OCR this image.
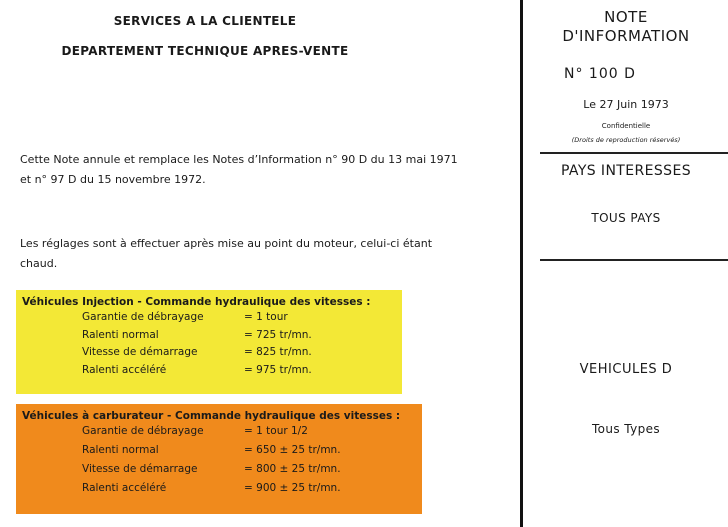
SERVICES A LA CLIENTELE
DEPARTEMENT TECHNIQUE APRES-VENTE
Cette Note annule et remplace les Notes d’Information n° 90 D du 13 mai 1971 et n° 97 D du 15 novembre 1972.
Les réglages sont à effectuer après mise au point du moteur, celui-ci étant chaud.
Véhicules Injection - Commande hydraulique des vitesses :
Garantie de débrayage	= 1 tour
Ralenti normal	= 725 tr/mn.
Vitesse de démarrage	= 825 tr/mn.
Ralenti accéléré	= 975 tr/mn.
Véhicules à carburateur - Commande hydraulique des vitesses :
Garantie de débrayage	= 1 tour 1/2
Ralenti normal	= 650 ± 25 tr/mn.
Vitesse de démarrage	= 800 ± 25 tr/mn.
Ralenti accéléré	= 900 ± 25 tr/mn.
NOTE
D'INFORMATION
N° 100 D
Le 27 Juin 1973
Confidentielle
(Droits de reproduction réservés)
PAYS INTERESSES
TOUS PAYS
VEHICULES D
Tous Types
